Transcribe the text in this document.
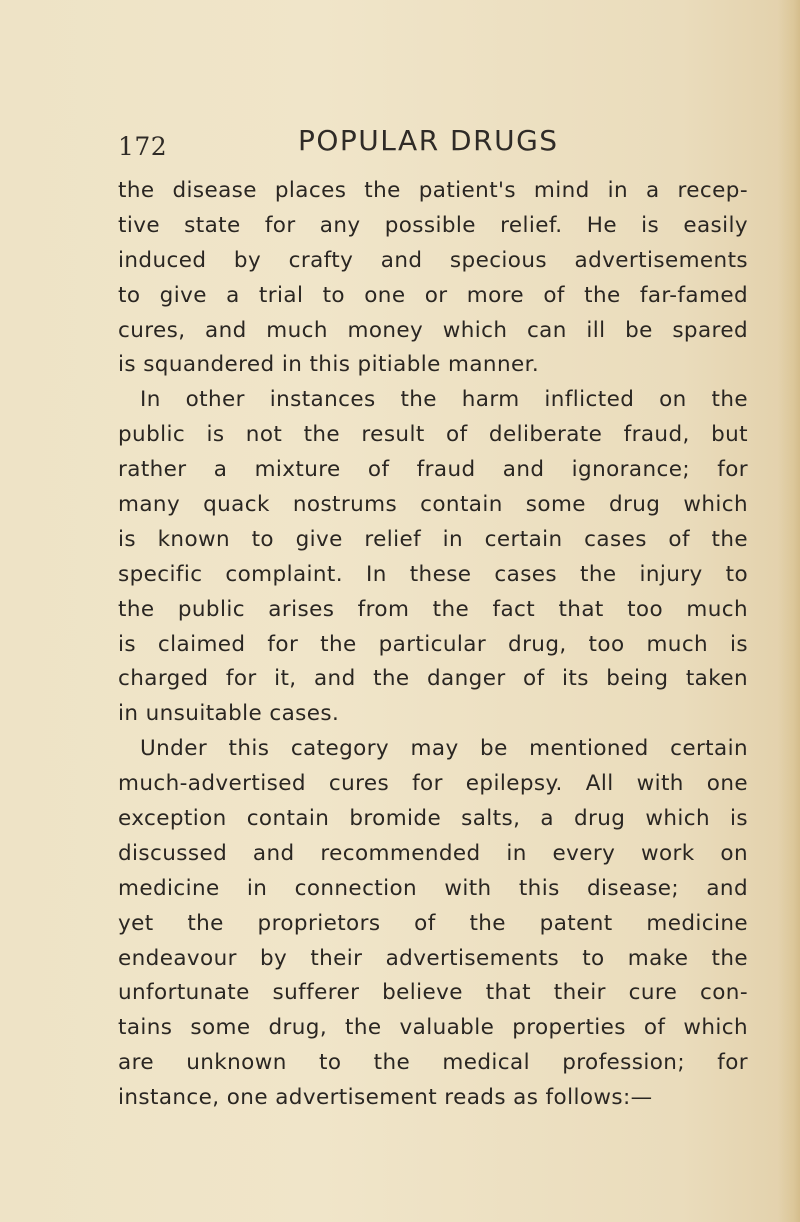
172	POPULAR DRUGS
the disease places the patient's mind in a recep-
tive state for any possible relief. He is easily
induced by crafty and specious advertisements
to give a trial to one or more of the far-famed
cures, and much money which can ill be spared
is squandered in this pitiable manner.
In other instances the harm inflicted on the
public is not the result of deliberate fraud, but
rather a mixture of fraud and ignorance; for
many quack nostrums contain some drug which
is known to give relief in certain cases of the
specific complaint. In these cases the injury to
the public arises from the fact that too much
is claimed for the particular drug, too much is
charged for it, and the danger of its being taken
in unsuitable cases.
Under this category may be mentioned certain
much-advertised cures for epilepsy. All with one
exception contain bromide salts, a drug which is
discussed and recommended in every work on
medicine in connection with this disease; and
yet the proprietors of the patent medicine
endeavour by their advertisements to make the
unfortunate sufferer believe that their cure con-
tains some drug, the valuable properties of which
are unknown to the medical profession; for
instance, one advertisement reads as follows:—
